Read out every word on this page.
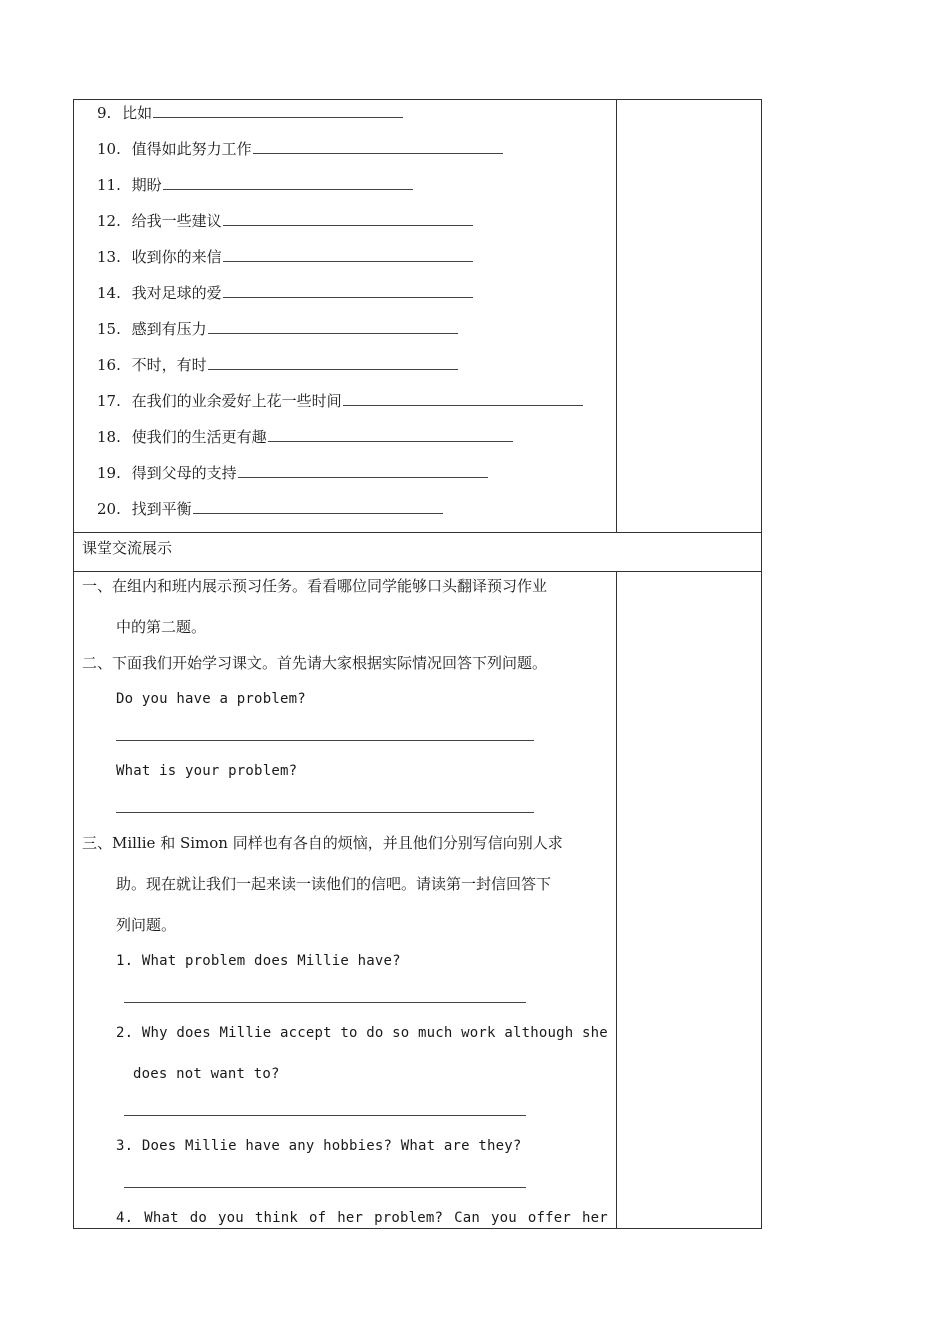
9. 比如
10. 值得如此努力工作
11. 期盼
12. 给我一些建议
13. 收到你的来信
14. 我对足球的爱
15. 感到有压力
16. 不时，有时
17. 在我们的业余爱好上花一些时间
18. 使我们的生活更有趣
19. 得到父母的支持
20. 找到平衡
课堂交流展示
一、在组内和班内展示预习任务。看看哪位同学能够口头翻译预习作业
中的第二题。
二、下面我们开始学习课文。首先请大家根据实际情况回答下列问题。
Do you have a problem?
What is your problem?
三、Millie 和 Simon 同样也有各自的烦恼，并且他们分别写信向别人求
助。现在就让我们一起来读一读他们的信吧。请读第一封信回答下
列问题。
1. What problem does Millie have?
2. Why does Millie accept to do so much work although she
does not want to?
3. Does Millie have any hobbies? What are they?
4. What do you think of her problem? Can you offer her
